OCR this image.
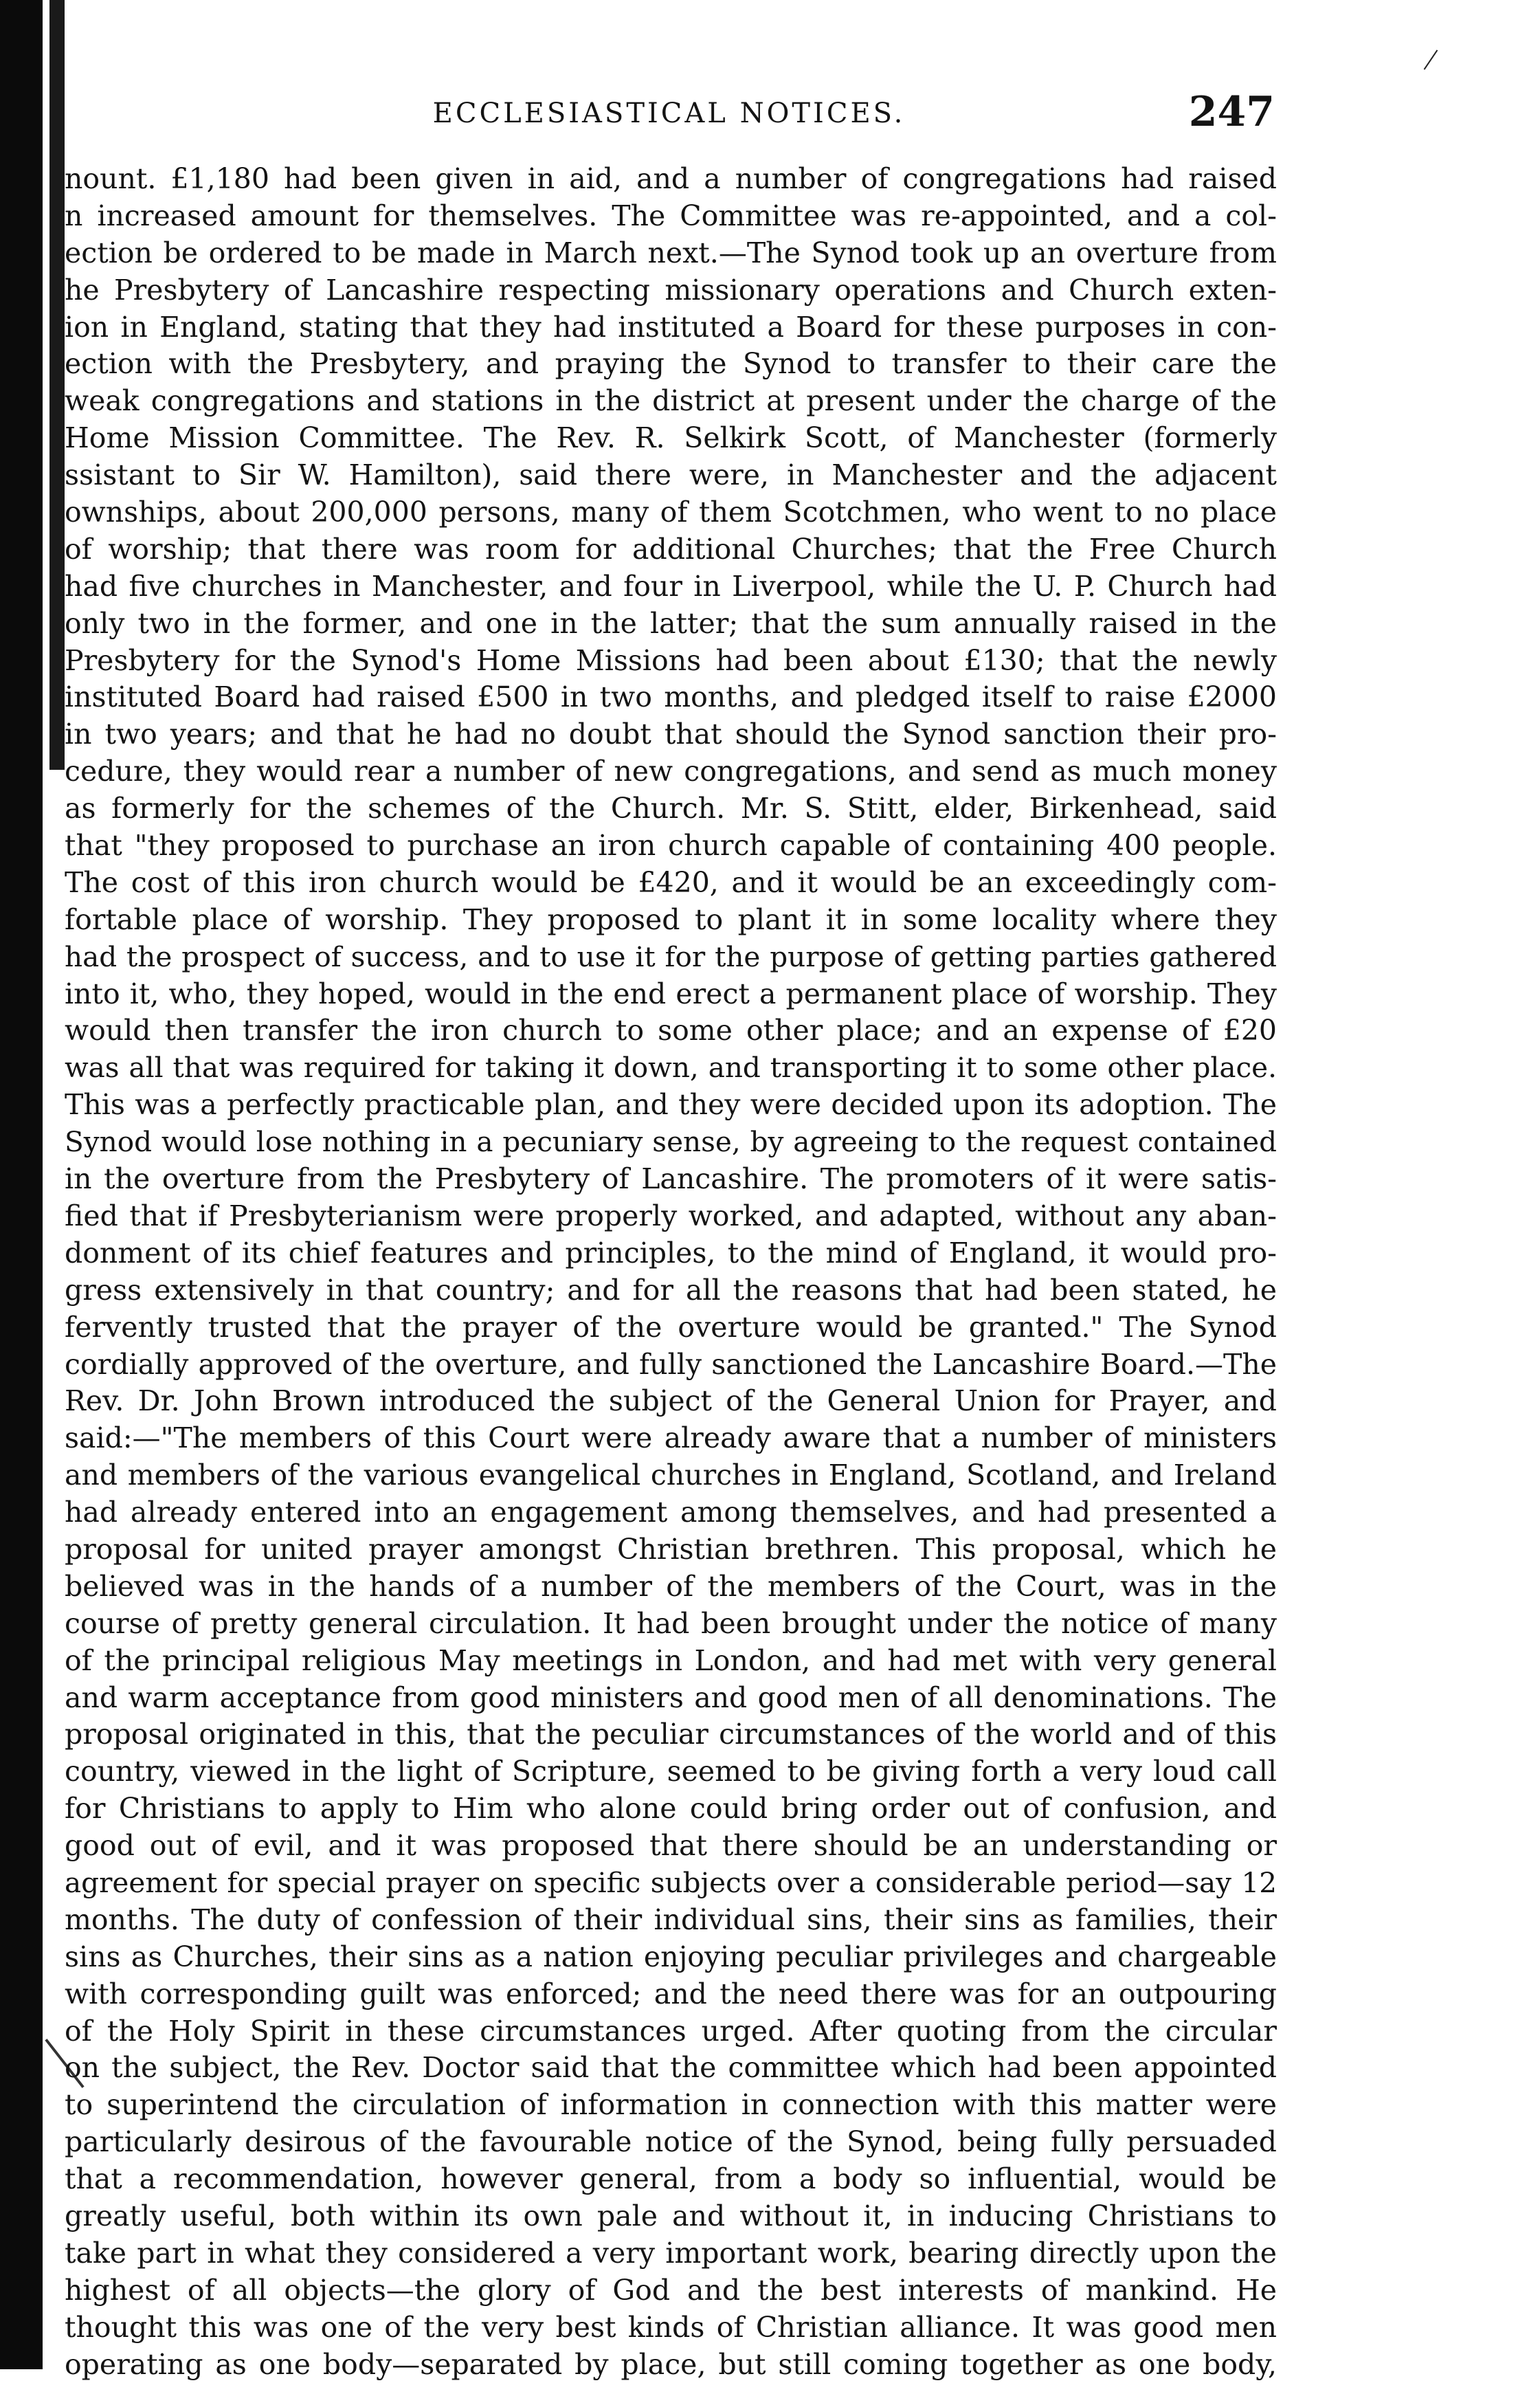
ECCLESIASTICAL NOTICES.	247
nount. £1,180 had been given in aid, and a number of congregations had raised
n increased amount for themselves. The Committee was re-appointed, and a col-
ection be ordered to be made in March next.—The Synod took up an overture from
he Presbytery of Lancashire respecting missionary operations and Church exten-
ion in England, stating that they had instituted a Board for these purposes in con-
ection with the Presbytery, and praying the Synod to transfer to their care the
weak congregations and stations in the district at present under the charge of the
Home Mission Committee. The Rev. R. Selkirk Scott, of Manchester (formerly
ssistant to Sir W. Hamilton), said there were, in Manchester and the adjacent
ownships, about 200,000 persons, many of them Scotchmen, who went to no place
of worship; that there was room for additional Churches; that the Free Church
had five churches in Manchester, and four in Liverpool, while the U. P. Church had
only two in the former, and one in the latter; that the sum annually raised in the
Presbytery for the Synod's Home Missions had been about £130; that the newly
instituted Board had raised £500 in two months, and pledged itself to raise £2000
in two years; and that he had no doubt that should the Synod sanction their pro-
cedure, they would rear a number of new congregations, and send as much money
as formerly for the schemes of the Church. Mr. S. Stitt, elder, Birkenhead, said
that "they proposed to purchase an iron church capable of containing 400 people.
The cost of this iron church would be £420, and it would be an exceedingly com-
fortable place of worship. They proposed to plant it in some locality where they
had the prospect of success, and to use it for the purpose of getting parties gathered
into it, who, they hoped, would in the end erect a permanent place of worship. They
would then transfer the iron church to some other place; and an expense of £20
was all that was required for taking it down, and transporting it to some other place.
This was a perfectly practicable plan, and they were decided upon its adoption. The
Synod would lose nothing in a pecuniary sense, by agreeing to the request contained
in the overture from the Presbytery of Lancashire. The promoters of it were satis-
fied that if Presbyterianism were properly worked, and adapted, without any aban-
donment of its chief features and principles, to the mind of England, it would pro-
gress extensively in that country; and for all the reasons that had been stated, he
fervently trusted that the prayer of the overture would be granted." The Synod
cordially approved of the overture, and fully sanctioned the Lancashire Board.—The
Rev. Dr. John Brown introduced the subject of the General Union for Prayer, and
said:—"The members of this Court were already aware that a number of ministers
and members of the various evangelical churches in England, Scotland, and Ireland
had already entered into an engagement among themselves, and had presented a
proposal for united prayer amongst Christian brethren. This proposal, which he
believed was in the hands of a number of the members of the Court, was in the
course of pretty general circulation. It had been brought under the notice of many
of the principal religious May meetings in London, and had met with very general
and warm acceptance from good ministers and good men of all denominations. The
proposal originated in this, that the peculiar circumstances of the world and of this
country, viewed in the light of Scripture, seemed to be giving forth a very loud call
for Christians to apply to Him who alone could bring order out of confusion, and
good out of evil, and it was proposed that there should be an understanding or
agreement for special prayer on specific subjects over a considerable period—say 12
months. The duty of confession of their individual sins, their sins as families, their
sins as Churches, their sins as a nation enjoying peculiar privileges and chargeable
with corresponding guilt was enforced; and the need there was for an outpouring
of the Holy Spirit in these circumstances urged. After quoting from the circular
on the subject, the Rev. Doctor said that the committee which had been appointed
to superintend the circulation of information in connection with this matter were
particularly desirous of the favourable notice of the Synod, being fully persuaded
that a recommendation, however general, from a body so influential, would be
greatly useful, both within its own pale and without it, in inducing Christians to
take part in what they considered a very important work, bearing directly upon the
highest of all objects—the glory of God and the best interests of mankind. He
thought this was one of the very best kinds of Christian alliance. It was good men
operating as one body—separated by place, but still coming together as one body,
